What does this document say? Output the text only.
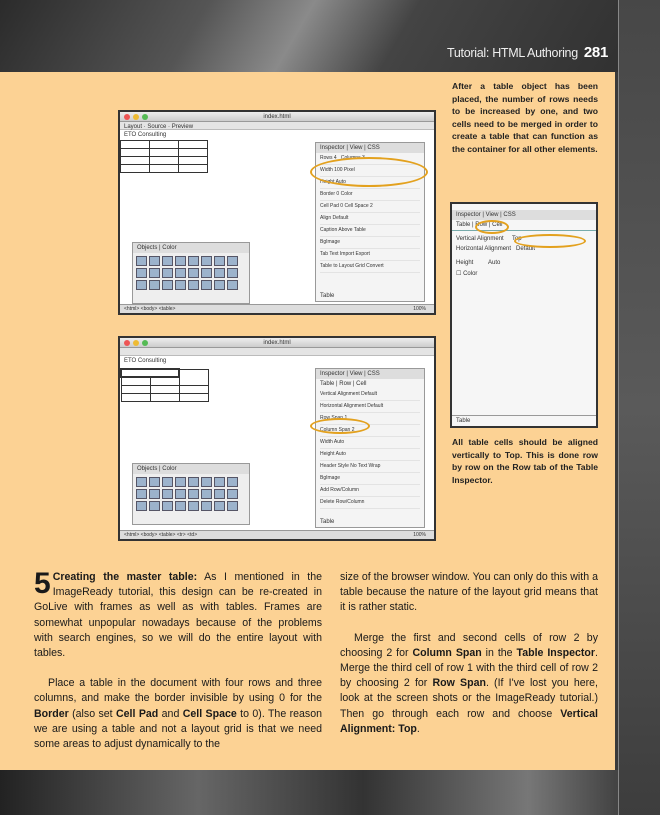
Tutorial: HTML Authoring 281
index.html
Layout · Source · Preview
ETO Consulting

Inspector | View | CSS
Rows 4 Columns 3
Width 100 Pixel
Height Auto
Border 0 Color
Cell Pad 0 Cell Space 2
Align Default
Caption Above Table
BgImage
Tab Text Import Export
Table to Layout Grid Convert
Table
Objects | Color
<html> <body> <table>	100%
index.html
ETO Consulting

Inspector | View | CSS
Table | Row | Cell
Vertical Alignment Default
Horizontal Alignment Default
Row Span 1
Column Span 2
Width Auto
Height Auto
Header Style No Text Wrap
BgImage
Add Row/Column
Delete Row/Column
Table
Objects | Color
<html> <body> <table> <tr> <td>	100%
Inspector | View | CSS
Table | Row | Cell
Vertical Alignment Top
Horizontal Alignment Default
Height Auto
☐ Color
Table
After a table object has been placed, the number of rows needs to be increased by one, and two cells need to be merged in order to create a table that can function as the container for all other elements.
All table cells should be aligned vertically to Top. This is done row by row on the Row tab of the Table Inspector.

5 Creating the master table: As I mentioned in the ImageReady tutorial, this design can be re-created in GoLive with frames as well as with tables. Frames are somewhat unpopular nowadays because of the problems with search engines, so we will do the entire layout with tables.

Place a table in the document with four rows and three columns, and make the border invisible by using 0 for the Border (also set Cell Pad and Cell Space to 0). The reason we are using a table and not a layout grid is that we need some areas to adjust dynamically to the

size of the browser window. You can only do this with a table because the nature of the layout grid means that it is rather static.

Merge the first and second cells of row 2 by choosing 2 for Column Span in the Table Inspector. Merge the third cell of row 1 with the third cell of row 2 by choosing 2 for Row Span. (If I've lost you here, look at the screen shots or the ImageReady tutorial.) Then go through each row and choose Vertical Alignment: Top.
